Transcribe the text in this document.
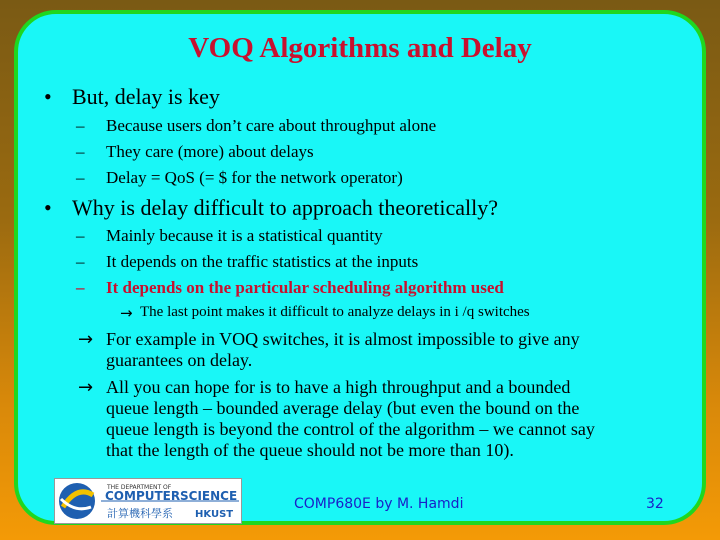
VOQ Algorithms and Delay
• But, delay is key
– Because users don’t care about throughput alone
– They care (more) about delays
– Delay = QoS (= $ for the network operator)
• Why is delay difficult to approach theoretically?
– Mainly because it is a statistical quantity
– It depends on the traffic statistics at the inputs
– It depends on the particular scheduling algorithm used
→ The last point makes it difficult to analyze delays in i /q switches
→ For example in VOQ switches, it is almost impossible to give any
guarantees on delay.
→ All you can hope for is to have a high throughput and a bounded
queue length – bounded average delay (but even the bound on the
queue length is beyond the control of the algorithm – we cannot say
that the length of the queue should not be more than 10).
THE DEPARTMENT OF
COMPUTER SCIENCE
計算機科學系 HKUST
COMP680E by M. Hamdi	32
